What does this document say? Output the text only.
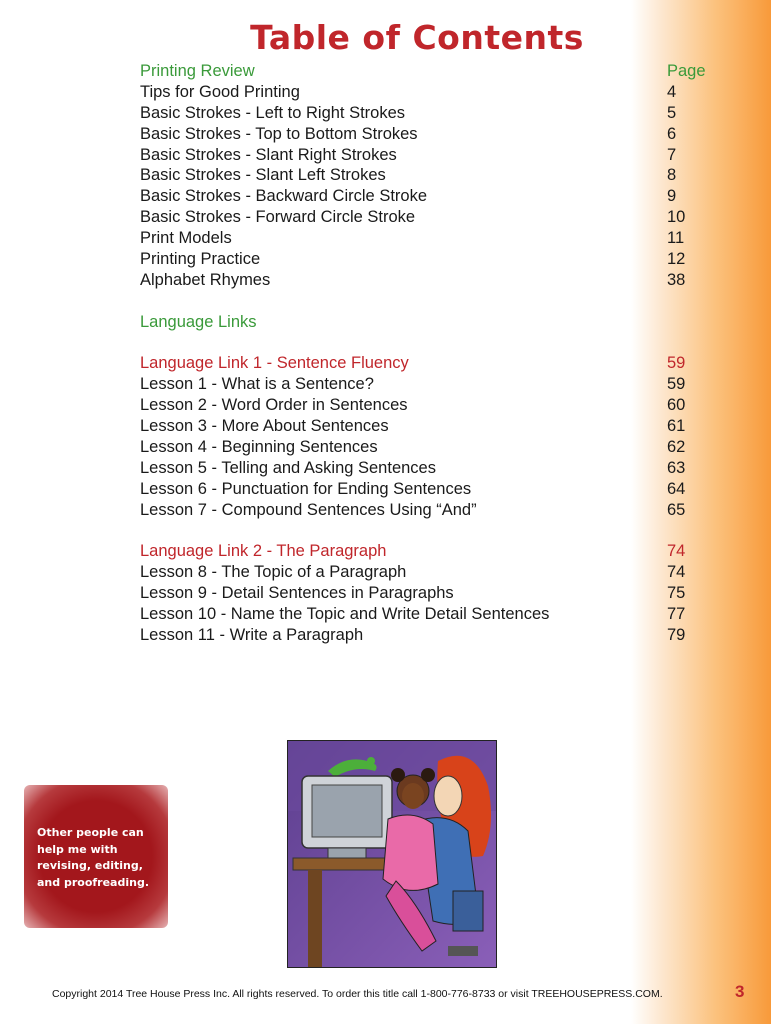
Table of Contents
Printing Review	Page
Tips for Good Printing	4
Basic Strokes - Left to Right Strokes	5
Basic Strokes - Top to Bottom Strokes	6
Basic Strokes - Slant Right Strokes	7
Basic Strokes - Slant Left Strokes	8
Basic Strokes - Backward Circle Stroke	9
Basic Strokes - Forward Circle Stroke	10
Print Models	11
Printing Practice	12
Alphabet Rhymes	38
Language Links
Language Link 1 - Sentence Fluency	59
Lesson 1 - What is a Sentence?	59
Lesson 2 - Word Order in Sentences	60
Lesson 3 - More About Sentences	61
Lesson 4 - Beginning Sentences	62
Lesson 5 - Telling and Asking Sentences	63
Lesson 6 - Punctuation for Ending Sentences	64
Lesson 7 - Compound Sentences Using “And”	65
Language Link 2 - The Paragraph	74
Lesson 8 - The Topic of a Paragraph	74
Lesson 9 - Detail Sentences in Paragraphs	75
Lesson 10 - Name the Topic and Write Detail Sentences	77
Lesson 11 - Write a Paragraph	79
Other people can help me with revising, editing, and proofreading.
Copyright 2014 Tree House Press Inc. All rights reserved. To order this title call 1-800-776-8733 or visit TREEHOUSEPRESS.COM.	3
